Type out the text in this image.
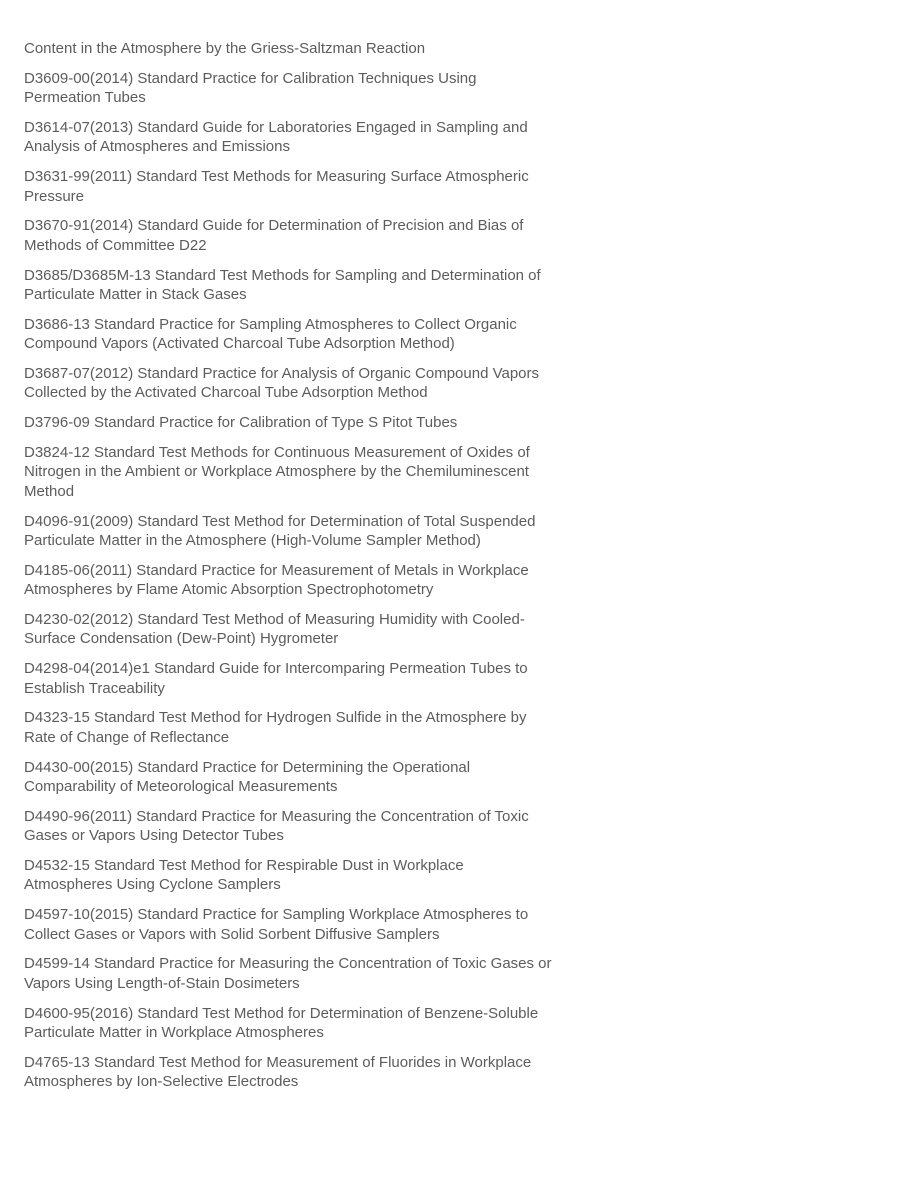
Content in the Atmosphere by the Griess-Saltzman Reaction

D3609-00(2014) Standard Practice for Calibration Techniques Using Permeation Tubes

D3614-07(2013) Standard Guide for Laboratories Engaged in Sampling and Analysis of Atmospheres and Emissions

D3631-99(2011) Standard Test Methods for Measuring Surface Atmospheric Pressure

D3670-91(2014) Standard Guide for Determination of Precision and Bias of Methods of Committee D22

D3685/D3685M-13 Standard Test Methods for Sampling and Determination of Particulate Matter in Stack Gases

D3686-13 Standard Practice for Sampling Atmospheres to Collect Organic Compound Vapors (Activated Charcoal Tube Adsorption Method)

D3687-07(2012) Standard Practice for Analysis of Organic Compound Vapors Collected by the Activated Charcoal Tube Adsorption Method

D3796-09 Standard Practice for Calibration of Type S Pitot Tubes

D3824-12 Standard Test Methods for Continuous Measurement of Oxides of Nitrogen in the Ambient or Workplace Atmosphere by the Chemiluminescent Method

D4096-91(2009) Standard Test Method for Determination of Total Suspended Particulate Matter in the Atmosphere (High-Volume Sampler Method)

D4185-06(2011) Standard Practice for Measurement of Metals in Workplace Atmospheres by Flame Atomic Absorption Spectrophotometry

D4230-02(2012) Standard Test Method of Measuring Humidity with Cooled-Surface Condensation (Dew-Point) Hygrometer

D4298-04(2014)e1 Standard Guide for Intercomparing Permeation Tubes to Establish Traceability

D4323-15 Standard Test Method for Hydrogen Sulfide in the Atmosphere by Rate of Change of Reflectance

D4430-00(2015) Standard Practice for Determining the Operational Comparability of Meteorological Measurements

D4490-96(2011) Standard Practice for Measuring the Concentration of Toxic Gases or Vapors Using Detector Tubes

D4532-15 Standard Test Method for Respirable Dust in Workplace Atmospheres Using Cyclone Samplers

D4597-10(2015) Standard Practice for Sampling Workplace Atmospheres to Collect Gases or Vapors with Solid Sorbent Diffusive Samplers

D4599-14 Standard Practice for Measuring the Concentration of Toxic Gases or Vapors Using Length-of-Stain Dosimeters

D4600-95(2016) Standard Test Method for Determination of Benzene-Soluble Particulate Matter in Workplace Atmospheres

D4765-13 Standard Test Method for Measurement of Fluorides in Workplace Atmospheres by Ion-Selective Electrodes
